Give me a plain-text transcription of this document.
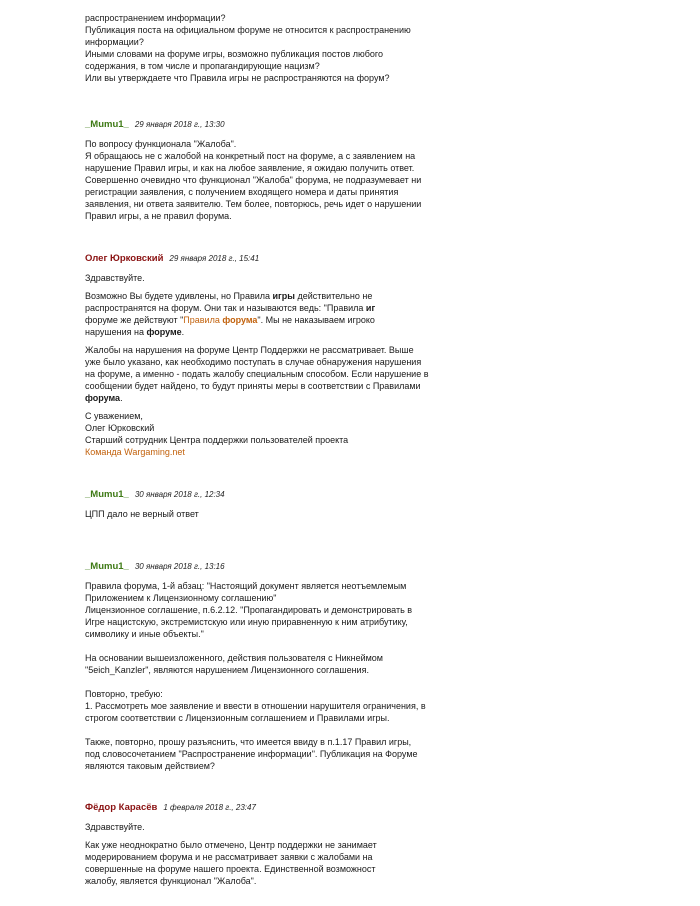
распространением информации?
Публикация поста на официальном форуме не относится к распространению
информации?
Иными словами на форуме игры, возможно публикация постов любого
содержания, в том числе и пропагандирующие нацизм?
Или вы утверждаете что Правила игры не распространяются на форум?
_Mumu1_ 29 января 2018 г., 13:30
По вопросу функционала "Жалоба".
Я обращаюсь не с жалобой на конкретный пост на форуме, а с заявлением на
нарушение Правил игры, и как на любое заявление, я ожидаю получить ответ.
Совершенно очевидно что функционал "Жалоба" форума, не подразумевает ни
регистрации заявления, с получением входящего номера и даты принятия
заявления, ни ответа заявителю. Тем более, повторюсь, речь идет о нарушении
Правил игры, а не правил форума.
Олег Юрковский 29 января 2018 г., 15:41
Здравствуйте.
Возможно Вы будете удивлены, но Правила игры действительно не
распространятся на форум. Они так и называются ведь: "Правила иг
форуме же действуют "Правила форума". Мы не наказываем игроко
нарушения на форуме.
Жалобы на нарушения на форуме Центр Поддержки не рассматривает. Выше
уже было указано, как необходимо поступать в случае обнаружения нарушения
на форуме, а именно - подать жалобу специальным способом. Если нарушение в
сообщении будет найдено, то будут приняты меры в соответствии с Правилами
форума.
С уважением,
Олег Юрковский
Старший сотрудник Центра поддержки пользователей проекта
Команда Wargaming.net
_Mumu1_ 30 января 2018 г., 12:34
ЦПП дало не верный ответ
_Mumu1_ 30 января 2018 г., 13:16
Правила форума, 1-й абзац: "Настоящий документ является неотъемлемым
Приложением к Лицензионному соглашению"
Лицензионное соглашение, п.6.2.12. "Пропагандировать и демонстрировать в
Игре нацистскую, экстремистскую или иную приравненную к ним атрибутику,
символику и иные объекты."
На основании вышеизложенного, действия пользователя с Никнеймом
"5eich_Kanzler", являются нарушением Лицензионного соглашения.
Повторно, требую:
1. Рассмотреть мое заявление и ввести в отношении нарушителя ограничения, в
строгом соответствии с Лицензионным соглашением и Правилами игры.
Также, повторно, прошу разъяснить, что имеется ввиду в п.1.17 Правил игры,
под словосочетанием "Распространение информации". Публикация на Форуме
являются таковым действием?
Фёдор Карасёв 1 февраля 2018 г., 23:47
Здравствуйте.
Как уже неоднократно было отмечено, Центр поддержки не занимает
модерированием форума и не рассматривает заявки с жалобами на
совершенные на форуме нашего проекта. Единственной возможност
жалобу, является функционал "Жалоба".
